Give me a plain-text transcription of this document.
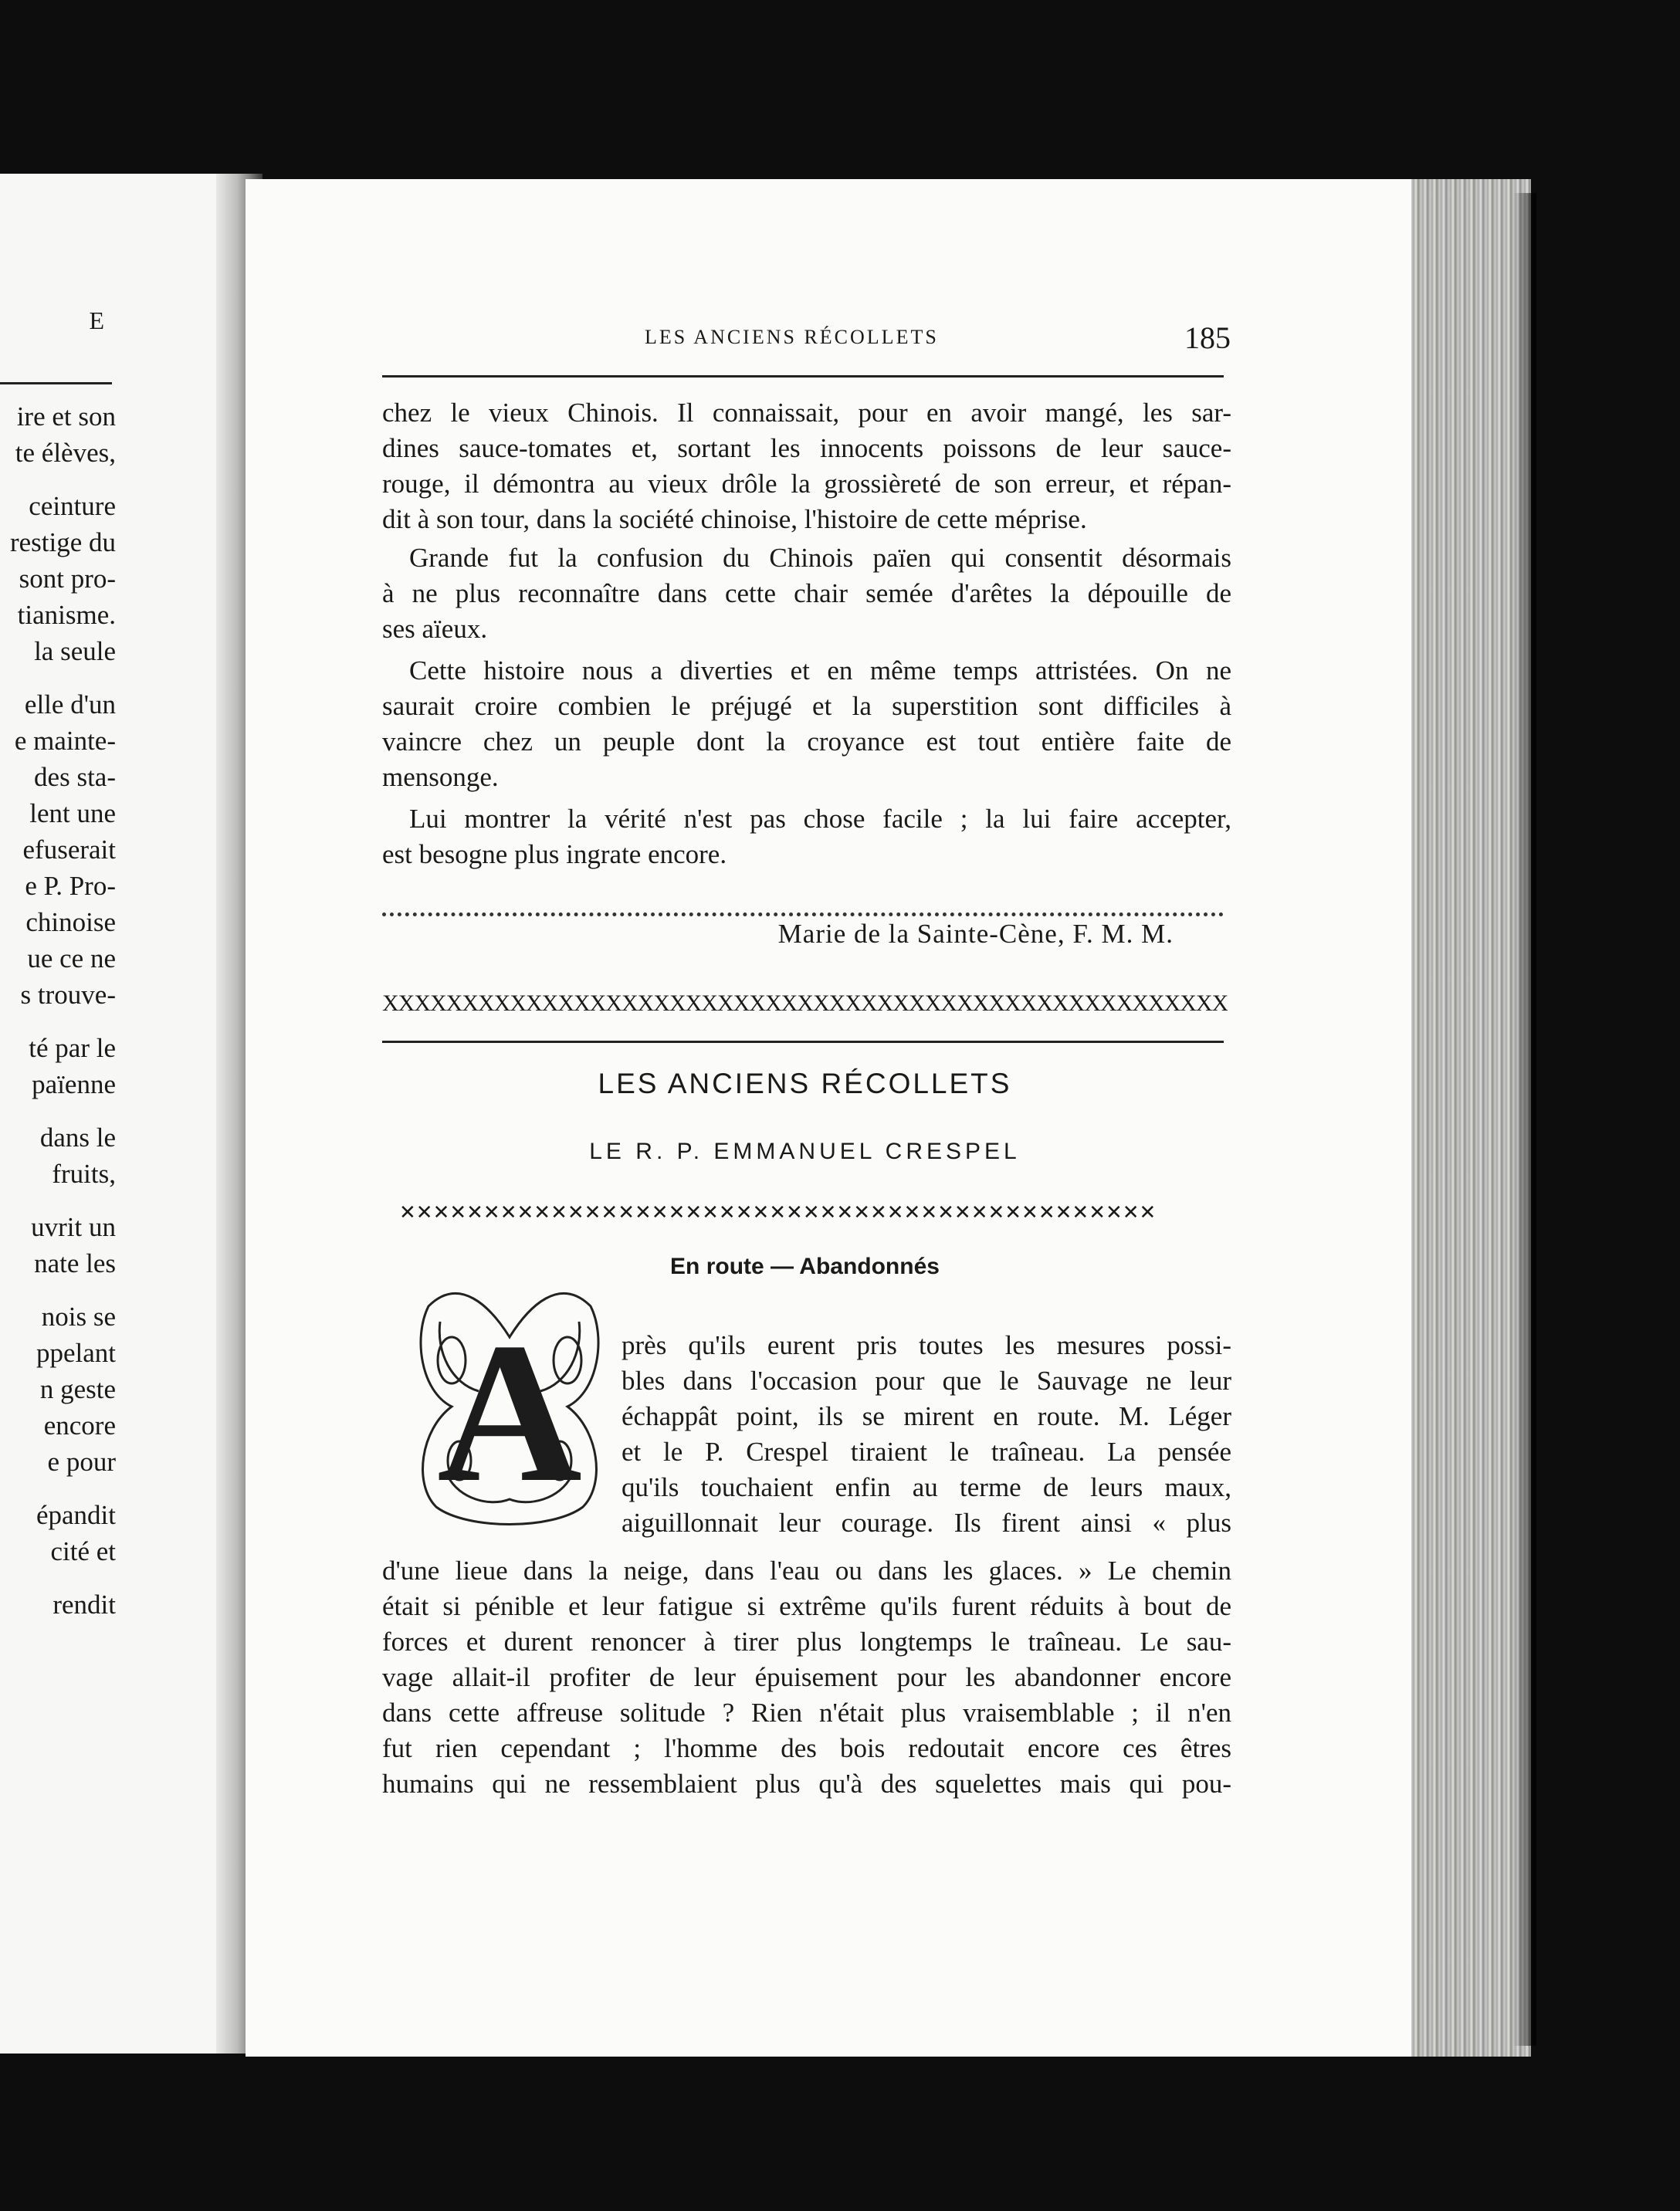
E
ire et son
te élèves,
ceinture
restige du
sont pro-
tianisme.
la seule
elle d'un
e mainte-
des sta-
lent une
efuserait
e P. Pro-
chinoise
ue ce ne
s trouve-
té par le
païenne
dans le
fruits,
uvrit un
nate les
nois se
ppelant
n geste
encore
e pour
épandit
cité et
rendit
LES ANCIENS RÉCOLLETS	185
chez le vieux Chinois. Il connaissait, pour en avoir mangé, les sar-
dines sauce-tomates et, sortant les innocents poissons de leur sauce-
rouge, il démontra au vieux drôle la grossièreté de son erreur, et répan-
dit à son tour, dans la société chinoise, l'histoire de cette méprise.
Grande fut la confusion du Chinois païen qui consentit désormais
à ne plus reconnaître dans cette chair semée d'arêtes la dépouille de
ses aïeux.
Cette histoire nous a diverties et en même temps attristées. On ne
saurait croire combien le préjugé et la superstition sont difficiles à
vaincre chez un peuple dont la croyance est tout entière faite de
mensonge.
Lui montrer la vérité n'est pas chose facile ; la lui faire accepter,
est besogne plus ingrate encore.
Marie de la Sainte-Cène, F. M. M.
XXXXXXXXXXXXXXXXXXXXXXXXXXXXXXXXXXXXXXXXXXXXXXXXXXXXX
LES ANCIENS RÉCOLLETS
LE R. P. EMMANUEL CRESPEL
✕✕✕✕✕✕✕✕✕✕✕✕✕✕✕✕✕✕✕✕✕✕✕✕✕✕✕✕✕✕✕✕✕✕✕✕✕✕✕✕✕✕✕✕✕
En route — Abandonnés
A près qu'ils eurent pris toutes les mesures possi-
bles dans l'occasion pour que le Sauvage ne leur
échappât point, ils se mirent en route. M. Léger
et le P. Crespel tiraient le traîneau. La pensée
qu'ils touchaient enfin au terme de leurs maux,
aiguillonnait leur courage. Ils firent ainsi « plus
d'une lieue dans la neige, dans l'eau ou dans les glaces. » Le chemin
était si pénible et leur fatigue si extrême qu'ils furent réduits à bout de
forces et durent renoncer à tirer plus longtemps le traîneau. Le sau-
vage allait-il profiter de leur épuisement pour les abandonner encore
dans cette affreuse solitude ? Rien n'était plus vraisemblable ; il n'en
fut rien cependant ; l'homme des bois redoutait encore ces êtres
humains qui ne ressemblaient plus qu'à des squelettes mais qui pou-
